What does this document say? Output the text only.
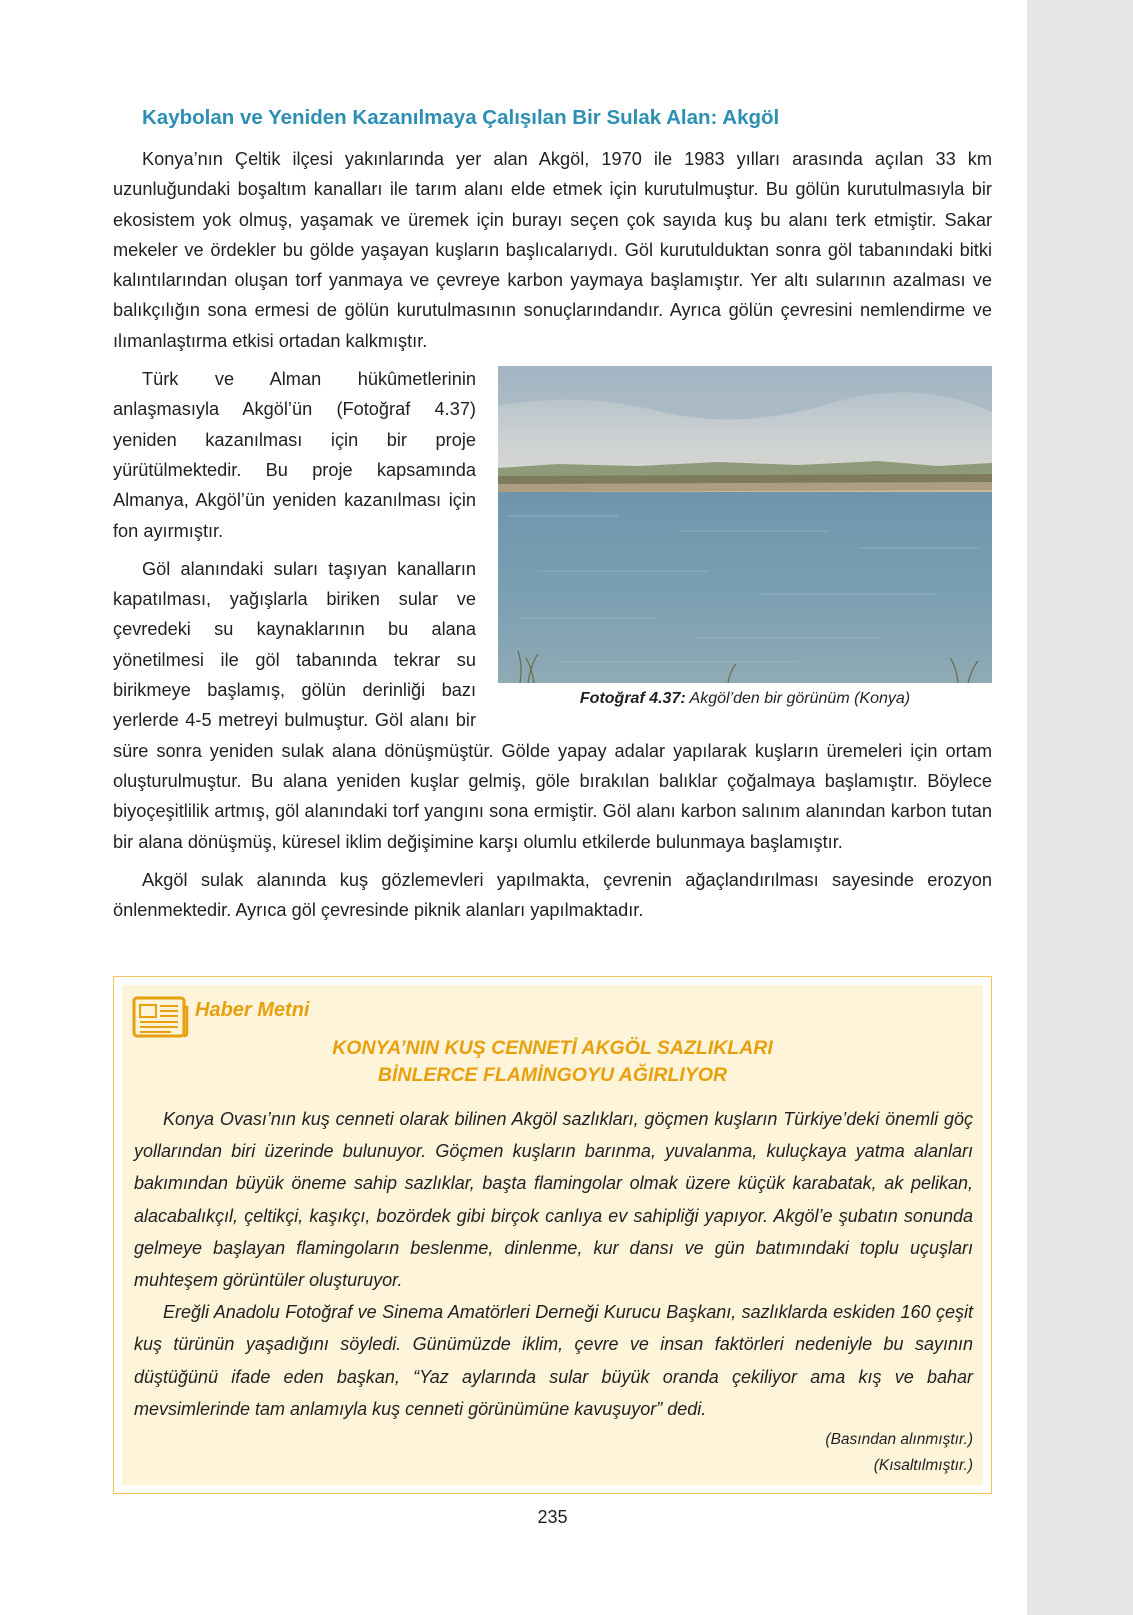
Kaybolan ve Yeniden Kazanılmaya Çalışılan Bir Sulak Alan: Akgöl

Konya’nın Çeltik ilçesi yakınlarında yer alan Akgöl, 1970 ile 1983 yılları arasında açılan 33 km uzunluğundaki boşaltım kanalları ile tarım alanı elde etmek için kurutulmuştur. Bu gölün kurutulmasıyla bir ekosistem yok olmuş, yaşamak ve üremek için burayı seçen çok sayıda kuş bu alanı terk etmiştir. Sakar mekeler ve ördekler bu gölde yaşayan kuşların başlıcalarıydı. Göl kurutulduktan sonra göl tabanındaki bitki kalıntılarından oluşan torf yanmaya ve çevreye karbon yaymaya başlamıştır. Yer altı sularının azalması ve balıkçılığın sona ermesi de gölün kurutulmasının sonuçlarındandır. Ayrıca gölün çevresini nemlendirme ve ılımanlaştırma etkisi ortadan kalkmıştır.

Fotoğraf 4.37: Akgöl’den bir görünüm (Konya)

Türk ve Alman hükûmetlerinin anlaşmasıyla Akgöl’ün (Fotoğraf 4.37) yeniden kazanılması için bir proje yürütülmektedir. Bu proje kapsamında Almanya, Akgöl’ün yeniden kazanılması için fon ayırmıştır.

Göl alanındaki suları taşıyan kanalların kapatılması, yağışlarla biriken sular ve çevredeki su kaynaklarının bu alana yönetilmesi ile göl tabanında tekrar su birikmeye başlamış, gölün derinliği bazı yerlerde 4-5 metreyi bulmuştur. Göl alanı bir süre sonra yeniden sulak alana dönüşmüştür. Gölde yapay adalar yapılarak kuşların üremeleri için ortam oluşturulmuştur. Bu alana yeniden kuşlar gelmiş, göle bırakılan balıklar çoğalmaya başlamıştır. Böylece biyoçeşitlilik artmış, göl alanındaki torf yangını sona ermiştir. Göl alanı karbon salınım alanından karbon tutan bir alana dönüşmüş, küresel iklim değişimine karşı olumlu etkilerde bulunmaya başlamıştır.

Akgöl sulak alanında kuş gözlemevleri yapılmakta, çevrenin ağaçlandırılması sayesinde erozyon önlenmektedir. Ayrıca göl çevresinde piknik alanları yapılmaktadır.

Haber Metni
KONYA’NIN KUŞ CENNETİ AKGÖL SAZLIKLARI
BİNLERCE FLAMİNGOYU AĞIRLIYOR

Konya Ovası’nın kuş cenneti olarak bilinen Akgöl sazlıkları, göçmen kuşların Türkiye’deki önemli göç yollarından biri üzerinde bulunuyor. Göçmen kuşların barınma, yuvalanma, kuluçkaya yatma alanları bakımından büyük öneme sahip sazlıklar, başta flamingolar olmak üzere küçük karabatak, ak pelikan, alacabalıkçıl, çeltikçi, kaşıkçı, bozördek gibi birçok canlıya ev sahipliği yapıyor. Akgöl’e şubatın sonunda gelmeye başlayan flamingoların beslenme, dinlenme, kur dansı ve gün batımındaki toplu uçuşları muhteşem görüntüler oluşturuyor.

Ereğli Anadolu Fotoğraf ve Sinema Amatörleri Derneği Kurucu Başkanı, sazlıklarda eskiden 160 çeşit kuş türünün yaşadığını söyledi. Günümüzde iklim, çevre ve insan faktörleri nedeniyle bu sayının düştüğünü ifade eden başkan, “Yaz aylarında sular büyük oranda çekiliyor ama kış ve bahar mevsimlerinde tam anlamıyla kuş cenneti görünümüne kavuşuyor” dedi.

(Basından alınmıştır.)
(Kısaltılmıştır.)
235
